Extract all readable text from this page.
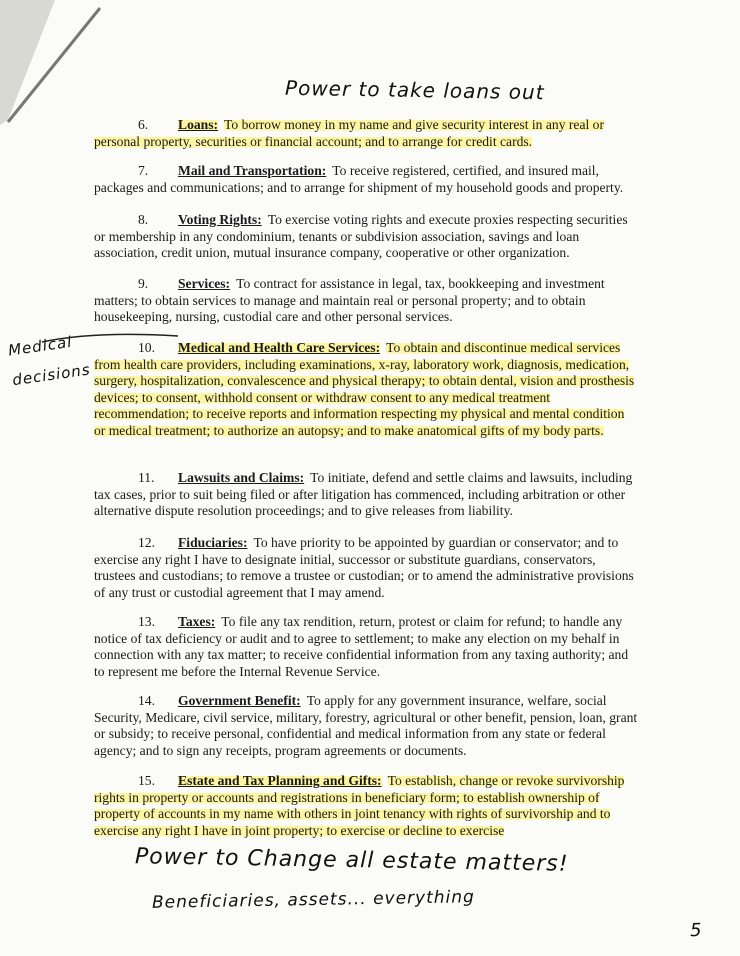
Power to take loans out
Medical
decisions
6. Loans: To borrow money in my name and give security interest in any real or personal property, securities or financial account; and to arrange for credit cards.
7. Mail and Transportation: To receive registered, certified, and insured mail, packages and communications; and to arrange for shipment of my household goods and property.
8. Voting Rights: To exercise voting rights and execute proxies respecting securities or membership in any condominium, tenants or subdivision association, savings and loan association, credit union, mutual insurance company, cooperative or other organization.
9. Services: To contract for assistance in legal, tax, bookkeeping and investment matters; to obtain services to manage and maintain real or personal property; and to obtain housekeeping, nursing, custodial care and other personal services.
10. Medical and Health Care Services: To obtain and discontinue medical services from health care providers, including examinations, x-ray, laboratory work, diagnosis, medication, surgery, hospitalization, convalescence and physical therapy; to obtain dental, vision and prosthesis devices; to consent, withhold consent or withdraw consent to any medical treatment recommendation; to receive reports and information respecting my physical and mental condition or medical treatment; to authorize an autopsy; and to make anatomical gifts of my body parts.
11. Lawsuits and Claims: To initiate, defend and settle claims and lawsuits, including tax cases, prior to suit being filed or after litigation has commenced, including arbitration or other alternative dispute resolution proceedings; and to give releases from liability.
12. Fiduciaries: To have priority to be appointed by guardian or conservator; and to exercise any right I have to designate initial, successor or substitute guardians, conservators, trustees and custodians; to remove a trustee or custodian; or to amend the administrative provisions of any trust or custodial agreement that I may amend.
13. Taxes: To file any tax rendition, return, protest or claim for refund; to handle any notice of tax deficiency or audit and to agree to settlement; to make any election on my behalf in connection with any tax matter; to receive confidential information from any taxing authority; and to represent me before the Internal Revenue Service.
14. Government Benefit: To apply for any government insurance, welfare, social Security, Medicare, civil service, military, forestry, agricultural or other benefit, pension, loan, grant or subsidy; to receive personal, confidential and medical information from any state or federal agency; and to sign any receipts, program agreements or documents.
15. Estate and Tax Planning and Gifts: To establish, change or revoke survivorship rights in property or accounts and registrations in beneficiary form; to establish ownership of property of accounts in my name with others in joint tenancy with rights of survivorship and to exercise any right I have in joint property; to exercise or decline to exercise
Power to Change all estate matters!
Beneficiaries, assets... everything
5
